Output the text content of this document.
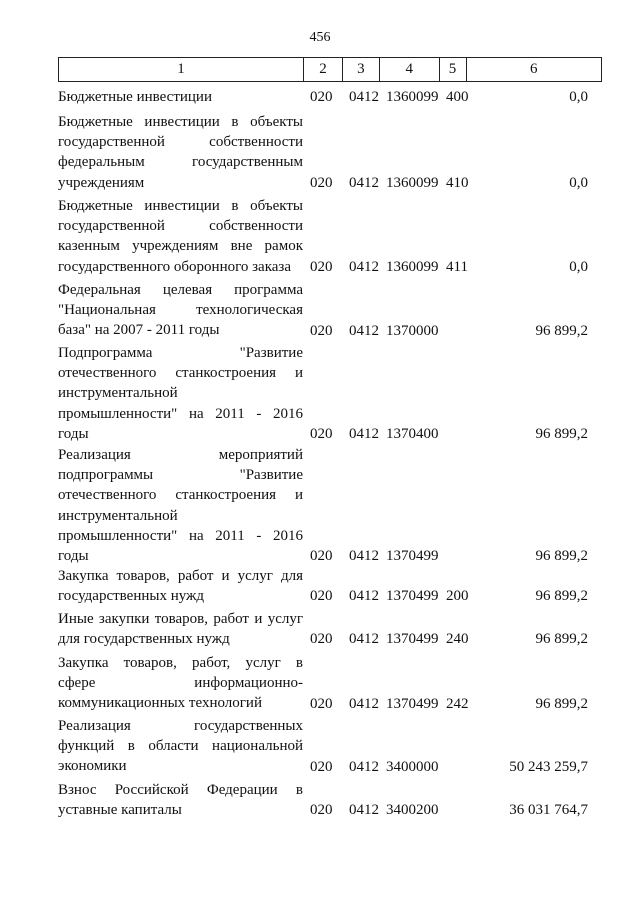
456
1	2	3	4	5	6
Бюджетные инвестиции	020 0412 1360099 400	0,0
Бюджетные инвестиции в объекты
государственной собственности
федеральным государственным
учреждениям	020 0412 1360099 410	0,0
Бюджетные инвестиции в объекты
государственной собственности
казенным учреждениям вне рамок
государственного оборонного заказа	020 0412 1360099 411	0,0
Федеральная целевая программа
"Национальная технологическая
база" на 2007 - 2011 годы	020 0412 1370000	96 899,2
Подпрограмма "Развитие
отечественного станкостроения и
инструментальной
промышленности" на 2011 - 2016
годы	020 0412 1370400	96 899,2
Реализация мероприятий
подпрограммы "Развитие
отечественного станкостроения и
инструментальной
промышленности" на 2011 - 2016
годы	020 0412 1370499	96 899,2
Закупка товаров, работ и услуг для
государственных нужд	020 0412 1370499 200	96 899,2
Иные закупки товаров, работ и услуг
для государственных нужд	020 0412 1370499 240	96 899,2
Закупка товаров, работ, услуг в
сфере информационно-
коммуникационных технологий	020 0412 1370499 242	96 899,2
Реализация государственных
функций в области национальной
экономики	020 0412 3400000	50 243 259,7
Взнос Российской Федерации в
уставные капиталы	020 0412 3400200	36 031 764,7
